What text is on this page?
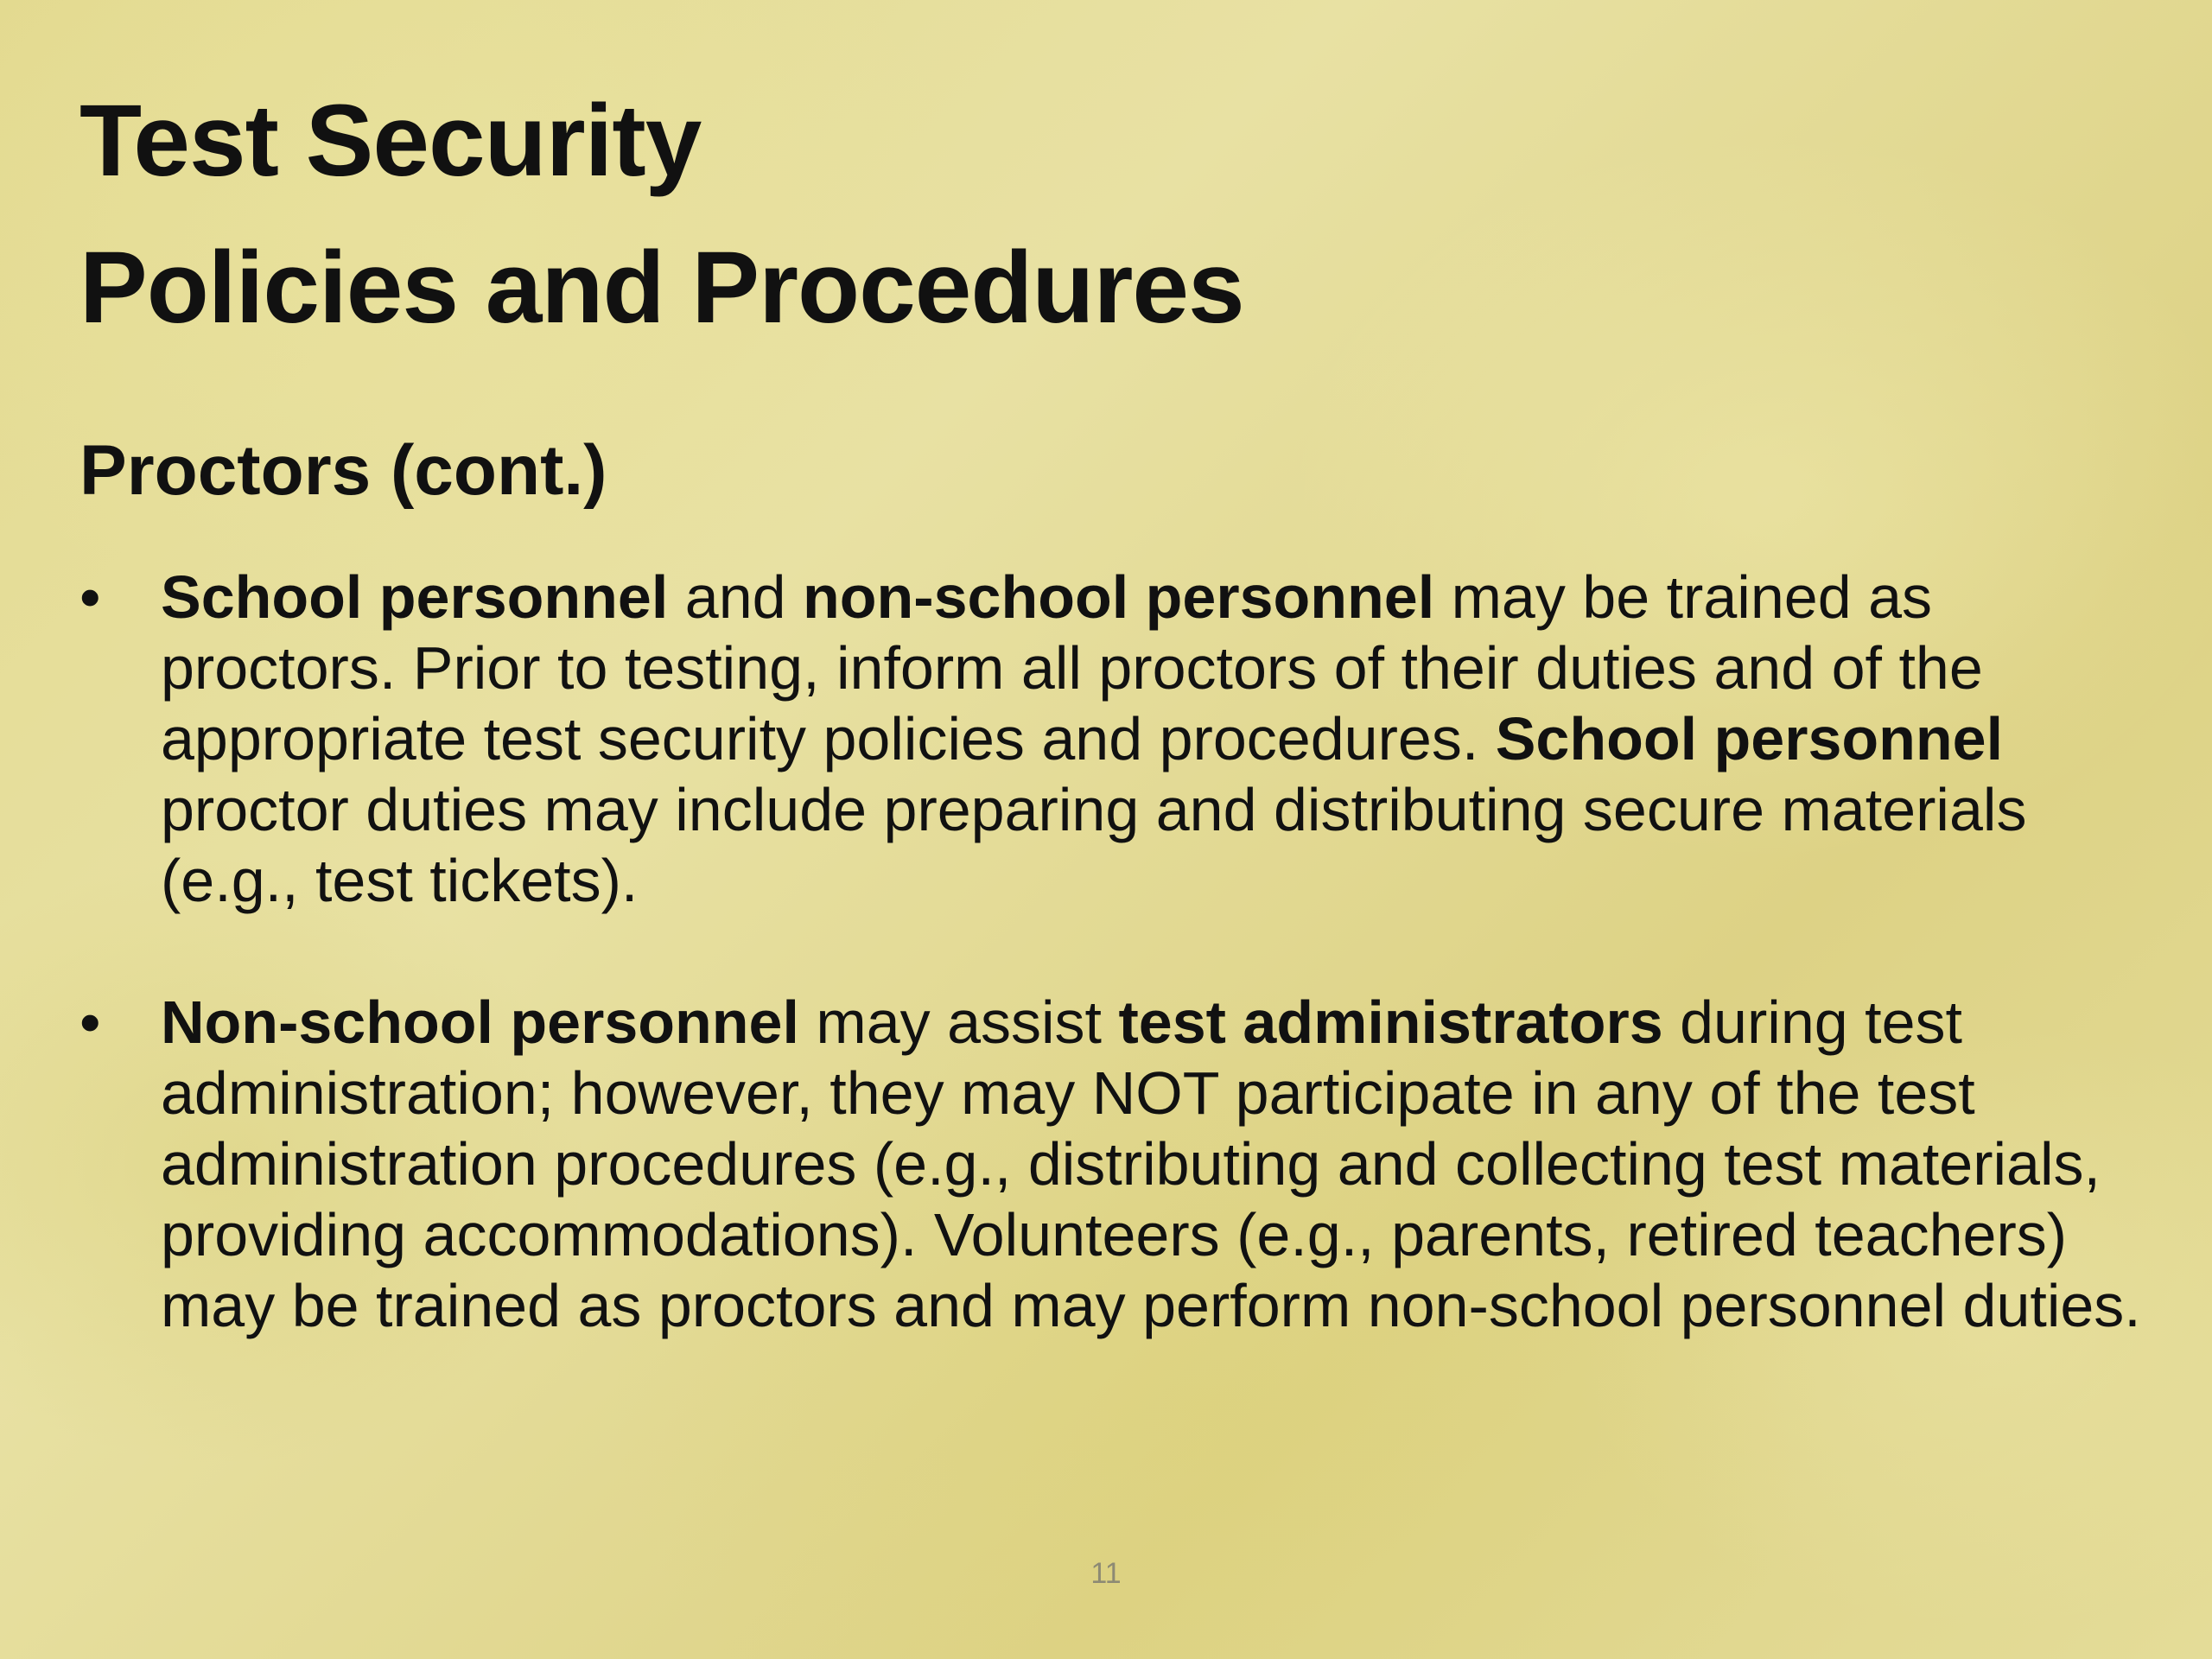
Test Security
Policies and Procedures
Proctors (cont.)
• School personnel and non-school personnel may be trained as proctors. Prior to testing, inform all proctors of their duties and of the appropriate test security policies and procedures. School personnel proctor duties may include preparing and distributing secure materials (e.g., test tickets).
• Non-school personnel may assist test administrators during test administration; however, they may NOT participate in any of the test administration procedures (e.g., distributing and collecting test materials, providing accommodations). Volunteers (e.g., parents, retired teachers) may be trained as proctors and may perform non-school personnel duties.
11
